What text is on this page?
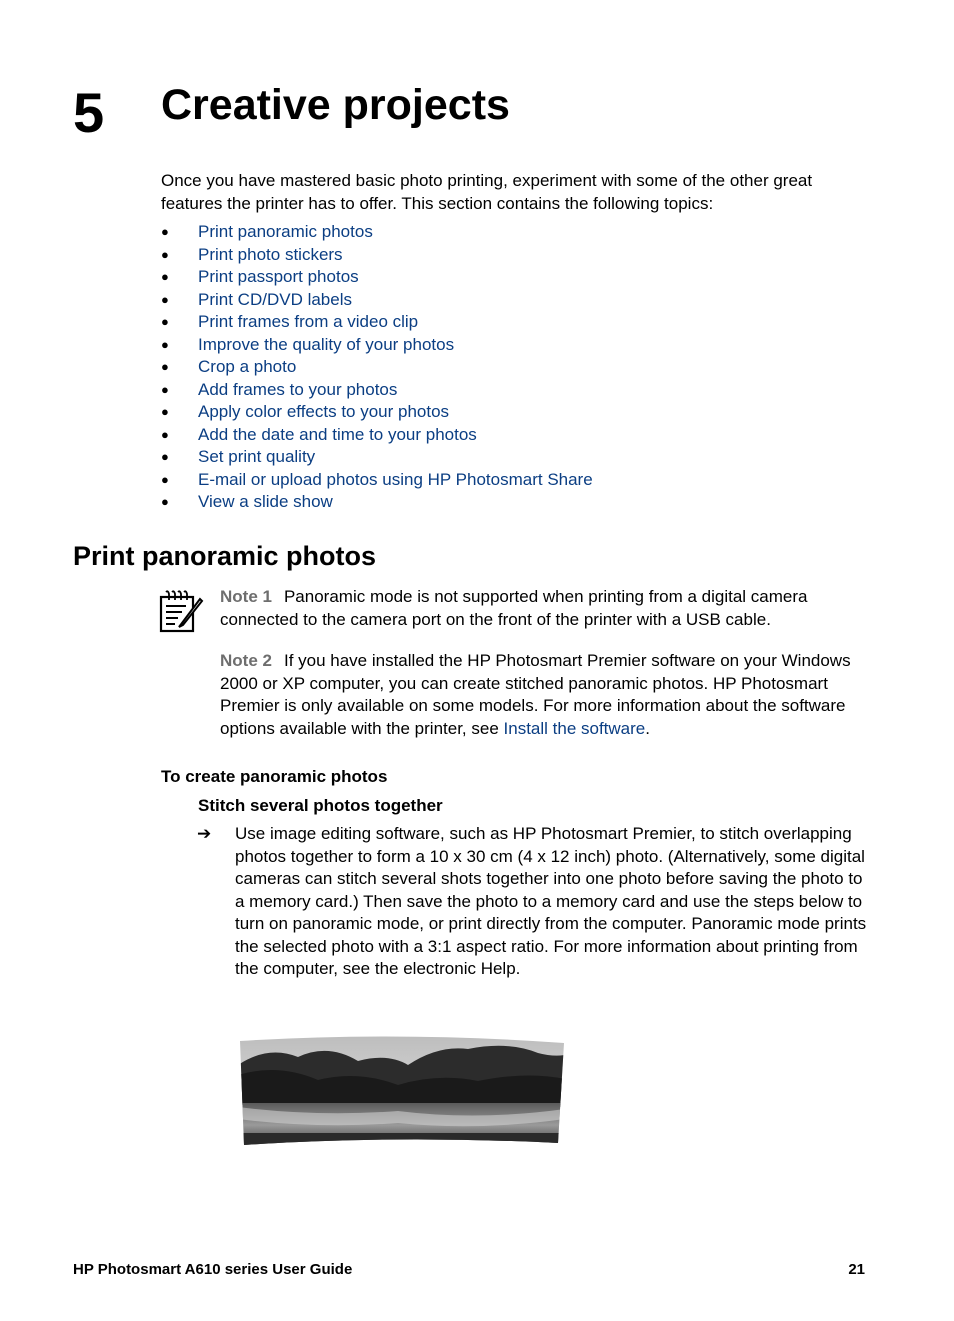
5 Creative projects
Once you have mastered basic photo printing, experiment with some of the other great features the printer has to offer. This section contains the following topics:
● Print panoramic photos
● Print photo stickers
● Print passport photos
● Print CD/DVD labels
● Print frames from a video clip
● Improve the quality of your photos
● Crop a photo
● Add frames to your photos
● Apply color effects to your photos
● Add the date and time to your photos
● Set print quality
● E-mail or upload photos using HP Photosmart Share
● View a slide show
Print panoramic photos
Note 1 Panoramic mode is not supported when printing from a digital camera connected to the camera port on the front of the printer with a USB cable.
Note 2 If you have installed the HP Photosmart Premier software on your Windows 2000 or XP computer, you can create stitched panoramic photos. HP Photosmart Premier is only available on some models. For more information about the software options available with the printer, see Install the software.
To create panoramic photos
Stitch several photos together
➔ Use image editing software, such as HP Photosmart Premier, to stitch overlapping photos together to form a 10 x 30 cm (4 x 12 inch) photo. (Alternatively, some digital cameras can stitch several shots together into one photo before saving the photo to a memory card.) Then save the photo to a memory card and use the steps below to turn on panoramic mode, or print directly from the computer. Panoramic mode prints the selected photo with a 3:1 aspect ratio. For more information about printing from the computer, see the electronic Help.
HP Photosmart A610 series User Guide	21
